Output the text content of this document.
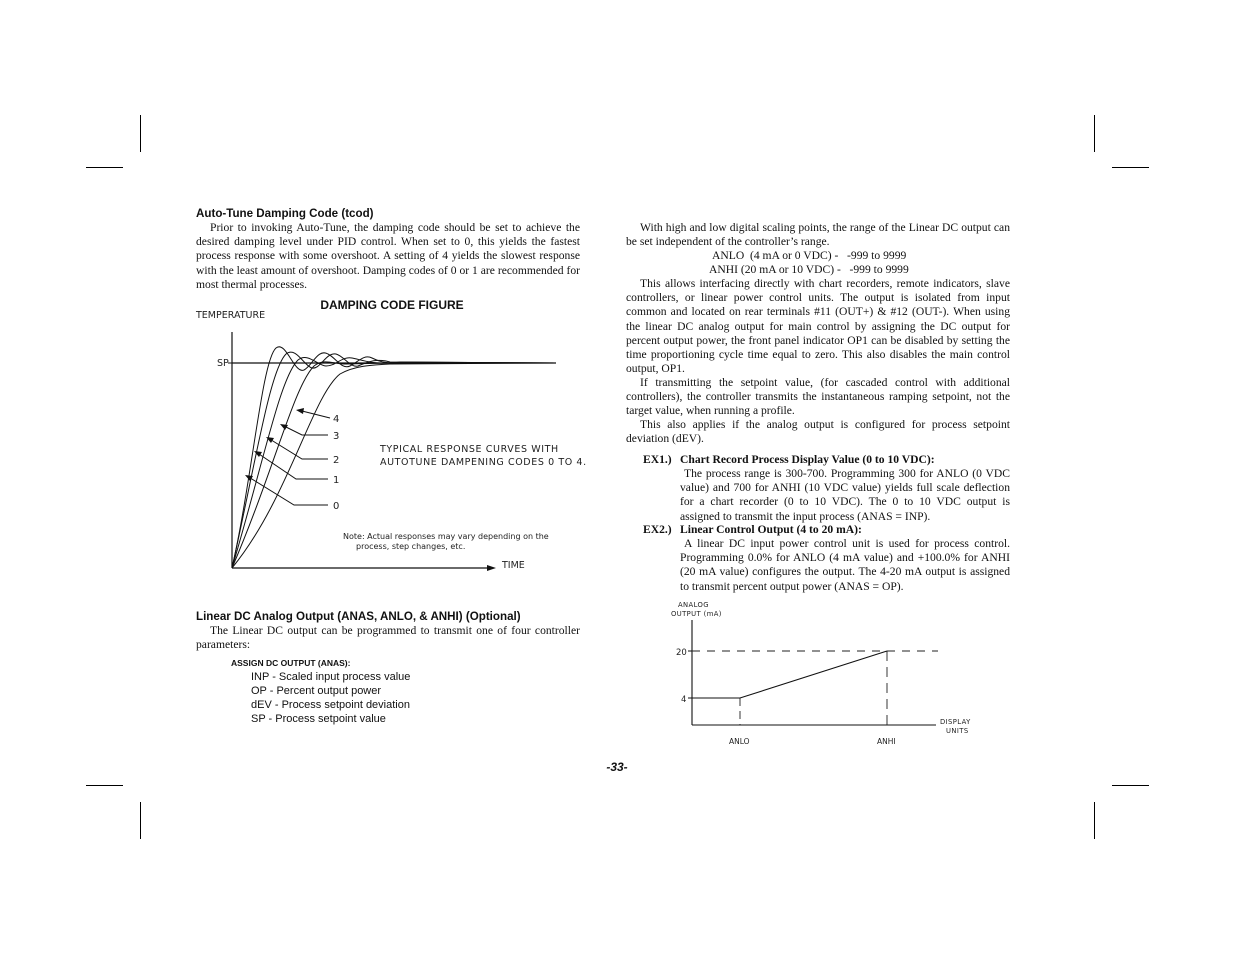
Auto-Tune Damping Code (tcod)

Prior to invoking Auto-Tune, the damping code should be set to achieve the desired damping level under PID control. When set to 0, this yields the fastest process response with some overshoot. A setting of 4 yields the slowest response with the least amount of overshoot. Damping codes of 0 or 1 are recommended for most thermal processes.

DAMPING CODE FIGURE
TEMPERATURE
TIME
SP
4
3
2
1
0
TYPICAL RESPONSE CURVES WITH
AUTOTUNE DAMPENING CODES 0 TO 4.
Note: Actual responses may vary depending on the
process, step changes, etc.
Linear DC Analog Output (ANAS, ANLO, & ANHI) (Optional)

The Linear DC output can be programmed to transmit one of four controller parameters:

ASSIGN DC OUTPUT (ANAS):
INP - Scaled input process value
OP - Percent output power
dEV - Process setpoint deviation
SP - Process setpoint value

With high and low digital scaling points, the range of the Linear DC output can be set independent of the controller’s range.

ANLO  (4 mA or 0 VDC) -   -999 to 9999
ANHI (20 mA or 10 VDC) -   -999 to 9999

This allows interfacing directly with chart recorders, remote indicators, slave controllers, or linear power control units. The output is isolated from input common and located on rear terminals #11 (OUT+) & #12 (OUT-). When using the linear DC analog output for main control by assigning the DC output for percent output power, the front panel indicator OP1 can be disabled by setting the time proportioning cycle time equal to zero. This also disables the main control output, OP1.

If transmitting the setpoint value, (for cascaded control with additional controllers), the controller transmits the instantaneous ramping setpoint, not the target value, when running a profile.

This also applies if the analog output is configured for process setpoint deviation (dEV).

EX1.) Chart Record Process Display Value (0 to 10 VDC):

The process range is 300-700. Programming 300 for ANLO (0 VDC value) and 700 for ANHI (10 VDC value) yields full scale deflection for a chart recorder (0 to 10 VDC). The 0 to 10 VDC output is assigned to transmit the input process (ANAS = INP).

EX2.) Linear Control Output (4 to 20 mA):

A linear DC input power control unit is used for process control. Programming 0.0% for ANLO (4 mA value) and +100.0% for ANHI (20 mA value) configures the output. The 4-20 mA output is assigned to transmit percent output power (ANAS = OP).

ANALOG
OUTPUT (mA)
20
4
DISPLAY
UNITS
ANLO	ANHI
-33-
